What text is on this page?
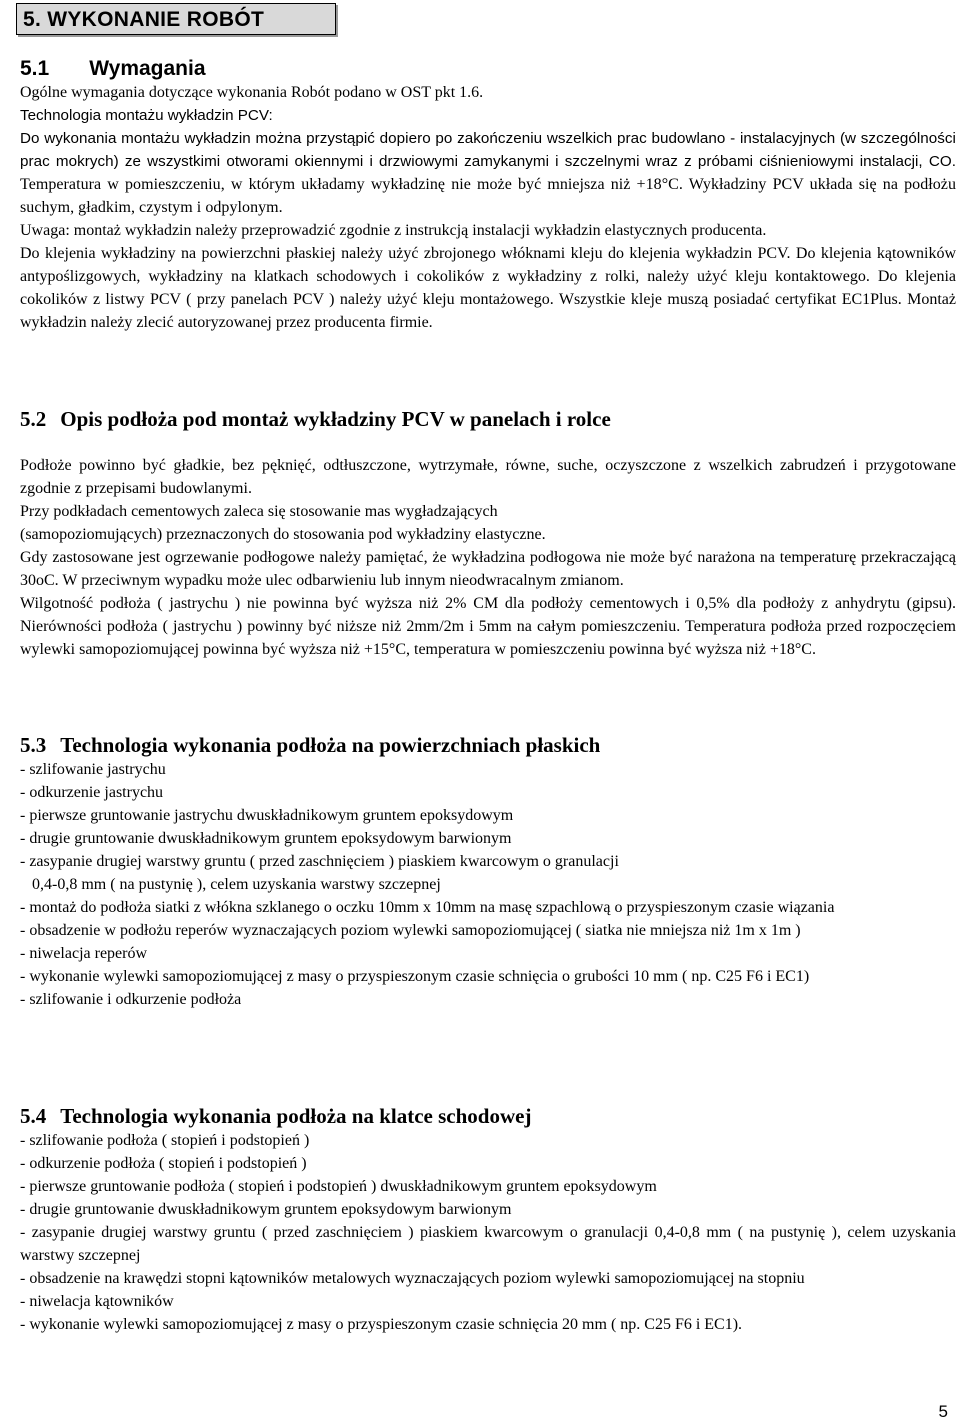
5. WYKONANIE ROBÓT
5.1 Wymagania

Ogólne wymagania dotyczące wykonania Robót podano w OST pkt 1.6.

Technologia montażu wykładzin PCV:

Do wykonania montażu wykładzin można przystąpić dopiero po zakończeniu wszelkich prac budowlano - instalacyjnych (w szczególności prac mokrych) ze wszystkimi otworami okiennymi i drzwiowymi zamykanymi i szczelnymi wraz z próbami ciśnieniowymi instalacji, CO. Temperatura w pomieszczeniu, w którym układamy wykładzinę nie może być mniejsza niż +18°C. Wykładziny PCV układa się na podłożu suchym, gładkim, czystym i odpylonym.

Uwaga: montaż wykładzin należy przeprowadzić zgodnie z instrukcją instalacji wykładzin elastycznych producenta.

Do klejenia wykładziny na powierzchni płaskiej należy użyć zbrojonego włóknami kleju do klejenia wykładzin PCV. Do klejenia kątowników antypoślizgowych, wykładziny na klatkach schodowych i cokolików z wykładziny z rolki, należy użyć kleju kontaktowego. Do klejenia cokolików z listwy PCV ( przy panelach PCV ) należy użyć kleju montażowego. Wszystkie kleje muszą posiadać certyfikat EC1Plus. Montaż wykładzin należy zlecić autoryzowanej przez producenta firmie.

5.2 Opis podłoża pod montaż wykładziny PCV w panelach i rolce

Podłoże powinno być gładkie, bez pęknięć, odtłuszczone, wytrzymałe, równe, suche, oczyszczone z wszelkich zabrudzeń i przygotowane zgodnie z przepisami budowlanymi.

Przy podkładach cementowych zaleca się stosowanie mas wygładzających

(samopoziomujących) przeznaczonych do stosowania pod wykładziny elastyczne.

Gdy zastosowane jest ogrzewanie podłogowe należy pamiętać, że wykładzina podłogowa nie może być narażona na temperaturę przekraczającą 30oC. W przeciwnym wypadku może ulec odbarwieniu lub innym nieodwracalnym zmianom.

Wilgotność podłoża ( jastrychu ) nie powinna być wyższa niż 2% CM dla podłoży cementowych i 0,5% dla podłoży z anhydrytu (gipsu). Nierówności podłoża ( jastrychu ) powinny być niższe niż 2mm/2m i 5mm na całym pomieszczeniu. Temperatura podłoża przed rozpoczęciem wylewki samopoziomującej powinna być wyższa niż +15°C, temperatura w pomieszczeniu powinna być wyższa niż +18°C.

5.3 Technologia wykonania podłoża na powierzchniach płaskich

- szlifowanie jastrychu

- odkurzenie jastrychu

- pierwsze gruntowanie jastrychu dwuskładnikowym gruntem epoksydowym

- drugie gruntowanie dwuskładnikowym gruntem epoksydowym barwionym

- zasypanie drugiej warstwy gruntu ( przed zaschnięciem ) piaskiem kwarcowym o granulacji

0,4-0,8 mm ( na pustynię ), celem uzyskania warstwy szczepnej

- montaż do podłoża siatki z włókna szklanego o oczku 10mm x 10mm na masę szpachlową o przyspieszonym czasie wiązania

- obsadzenie w podłożu reperów wyznaczających poziom wylewki samopoziomującej ( siatka nie mniejsza niż 1m x 1m )

- niwelacja reperów

- wykonanie wylewki samopoziomującej z masy o przyspieszonym czasie schnięcia o grubości 10 mm ( np. C25 F6 i EC1)

- szlifowanie i odkurzenie podłoża

5.4 Technologia wykonania podłoża na klatce schodowej

- szlifowanie podłoża ( stopień i podstopień )

- odkurzenie podłoża ( stopień i podstopień )

- pierwsze gruntowanie podłoża ( stopień i podstopień ) dwuskładnikowym gruntem epoksydowym

- drugie gruntowanie dwuskładnikowym gruntem epoksydowym barwionym

- zasypanie drugiej warstwy gruntu ( przed zaschnięciem ) piaskiem kwarcowym o granulacji 0,4-0,8 mm ( na pustynię ), celem uzyskania warstwy szczepnej

- obsadzenie na krawędzi stopni kątowników metalowych wyznaczających poziom wylewki samopoziomującej na stopniu

- niwelacja kątowników

- wykonanie wylewki samopoziomującej z masy o przyspieszonym czasie schnięcia 20 mm ( np. C25 F6 i EC1).

5
